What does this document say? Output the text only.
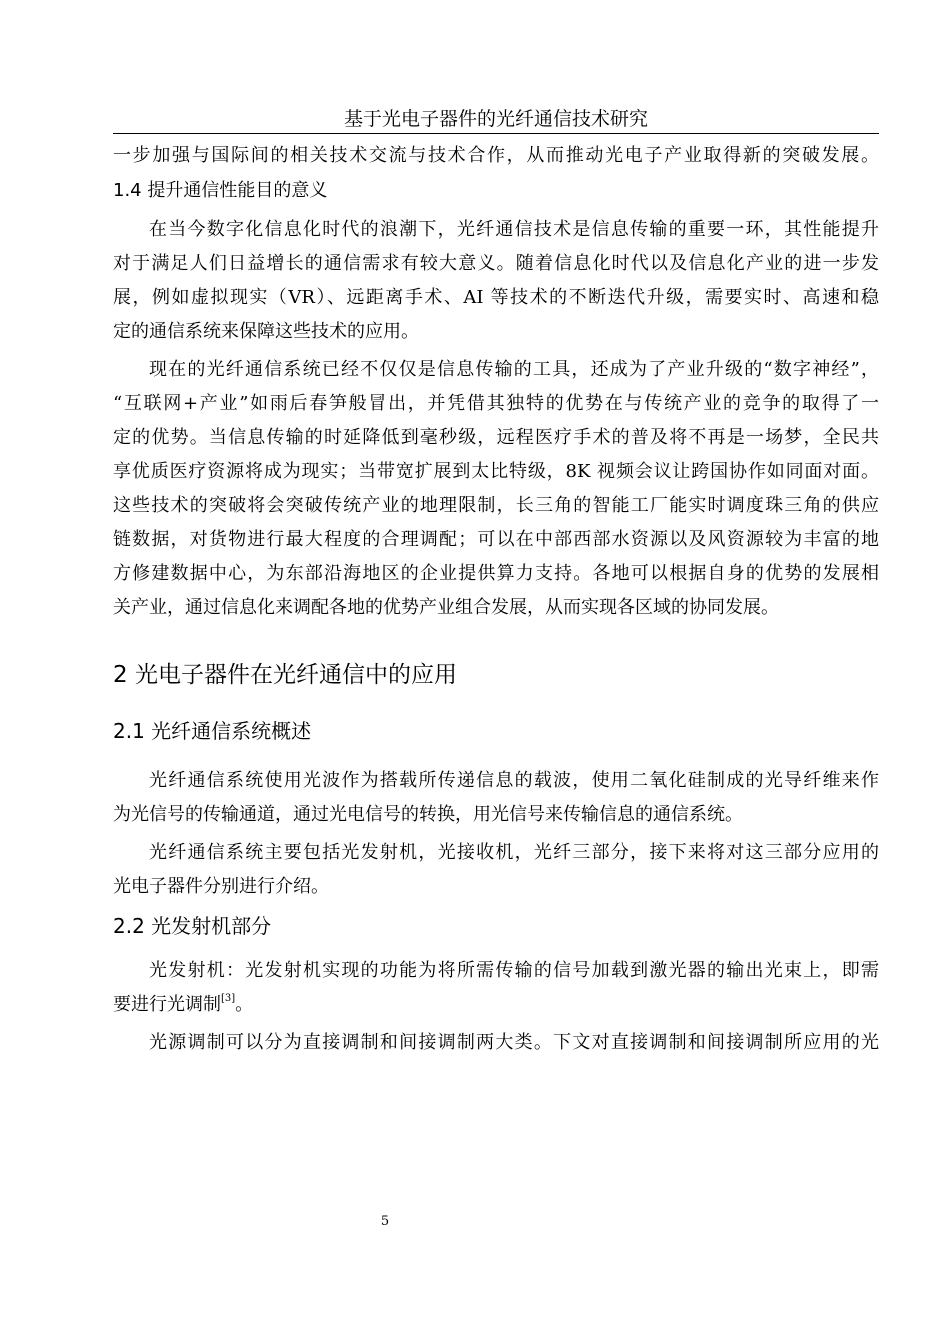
基于光电子器件的光纤通信技术研究
一步加强与国际间的相关技术交流与技术合作，从而推动光电子产业取得新的突破发展。
1.4 提升通信性能目的意义
在当今数字化信息化时代的浪潮下，光纤通信技术是信息传输的重要一环，其性能提升
对于满足人们日益增长的通信需求有较大意义。随着信息化时代以及信息化产业的进一步发
展，例如虚拟现实（VR）、远距离手术、AI 等技术的不断迭代升级，需要实时、高速和稳
定的通信系统来保障这些技术的应用。
现在的光纤通信系统已经不仅仅是信息传输的工具，还成为了产业升级的“数字神经”，
“互联网+产业”如雨后春笋般冒出，并凭借其独特的优势在与传统产业的竞争的取得了一
定的优势。当信息传输的时延降低到毫秒级，远程医疗手术的普及将不再是一场梦，全民共
享优质医疗资源将成为现实；当带宽扩展到太比特级，8K 视频会议让跨国协作如同面对面。
这些技术的突破将会突破传统产业的地理限制，长三角的智能工厂能实时调度珠三角的供应
链数据，对货物进行最大程度的合理调配；可以在中部西部水资源以及风资源较为丰富的地
方修建数据中心，为东部沿海地区的企业提供算力支持。各地可以根据自身的优势的发展相
关产业，通过信息化来调配各地的优势产业组合发展，从而实现各区域的协同发展。
2 光电子器件在光纤通信中的应用
2.1 光纤通信系统概述
光纤通信系统使用光波作为搭载所传递信息的载波，使用二氧化硅制成的光导纤维来作
为光信号的传输通道，通过光电信号的转换，用光信号来传输信息的通信系统。
光纤通信系统主要包括光发射机，光接收机，光纤三部分，接下来将对这三部分应用的
光电子器件分别进行介绍。
2.2 光发射机部分
光发射机：光发射机实现的功能为将所需传输的信号加载到激光器的输出光束上，即需
要进行光调制[3]。
光源调制可以分为直接调制和间接调制两大类。下文对直接调制和间接调制所应用的光
5
